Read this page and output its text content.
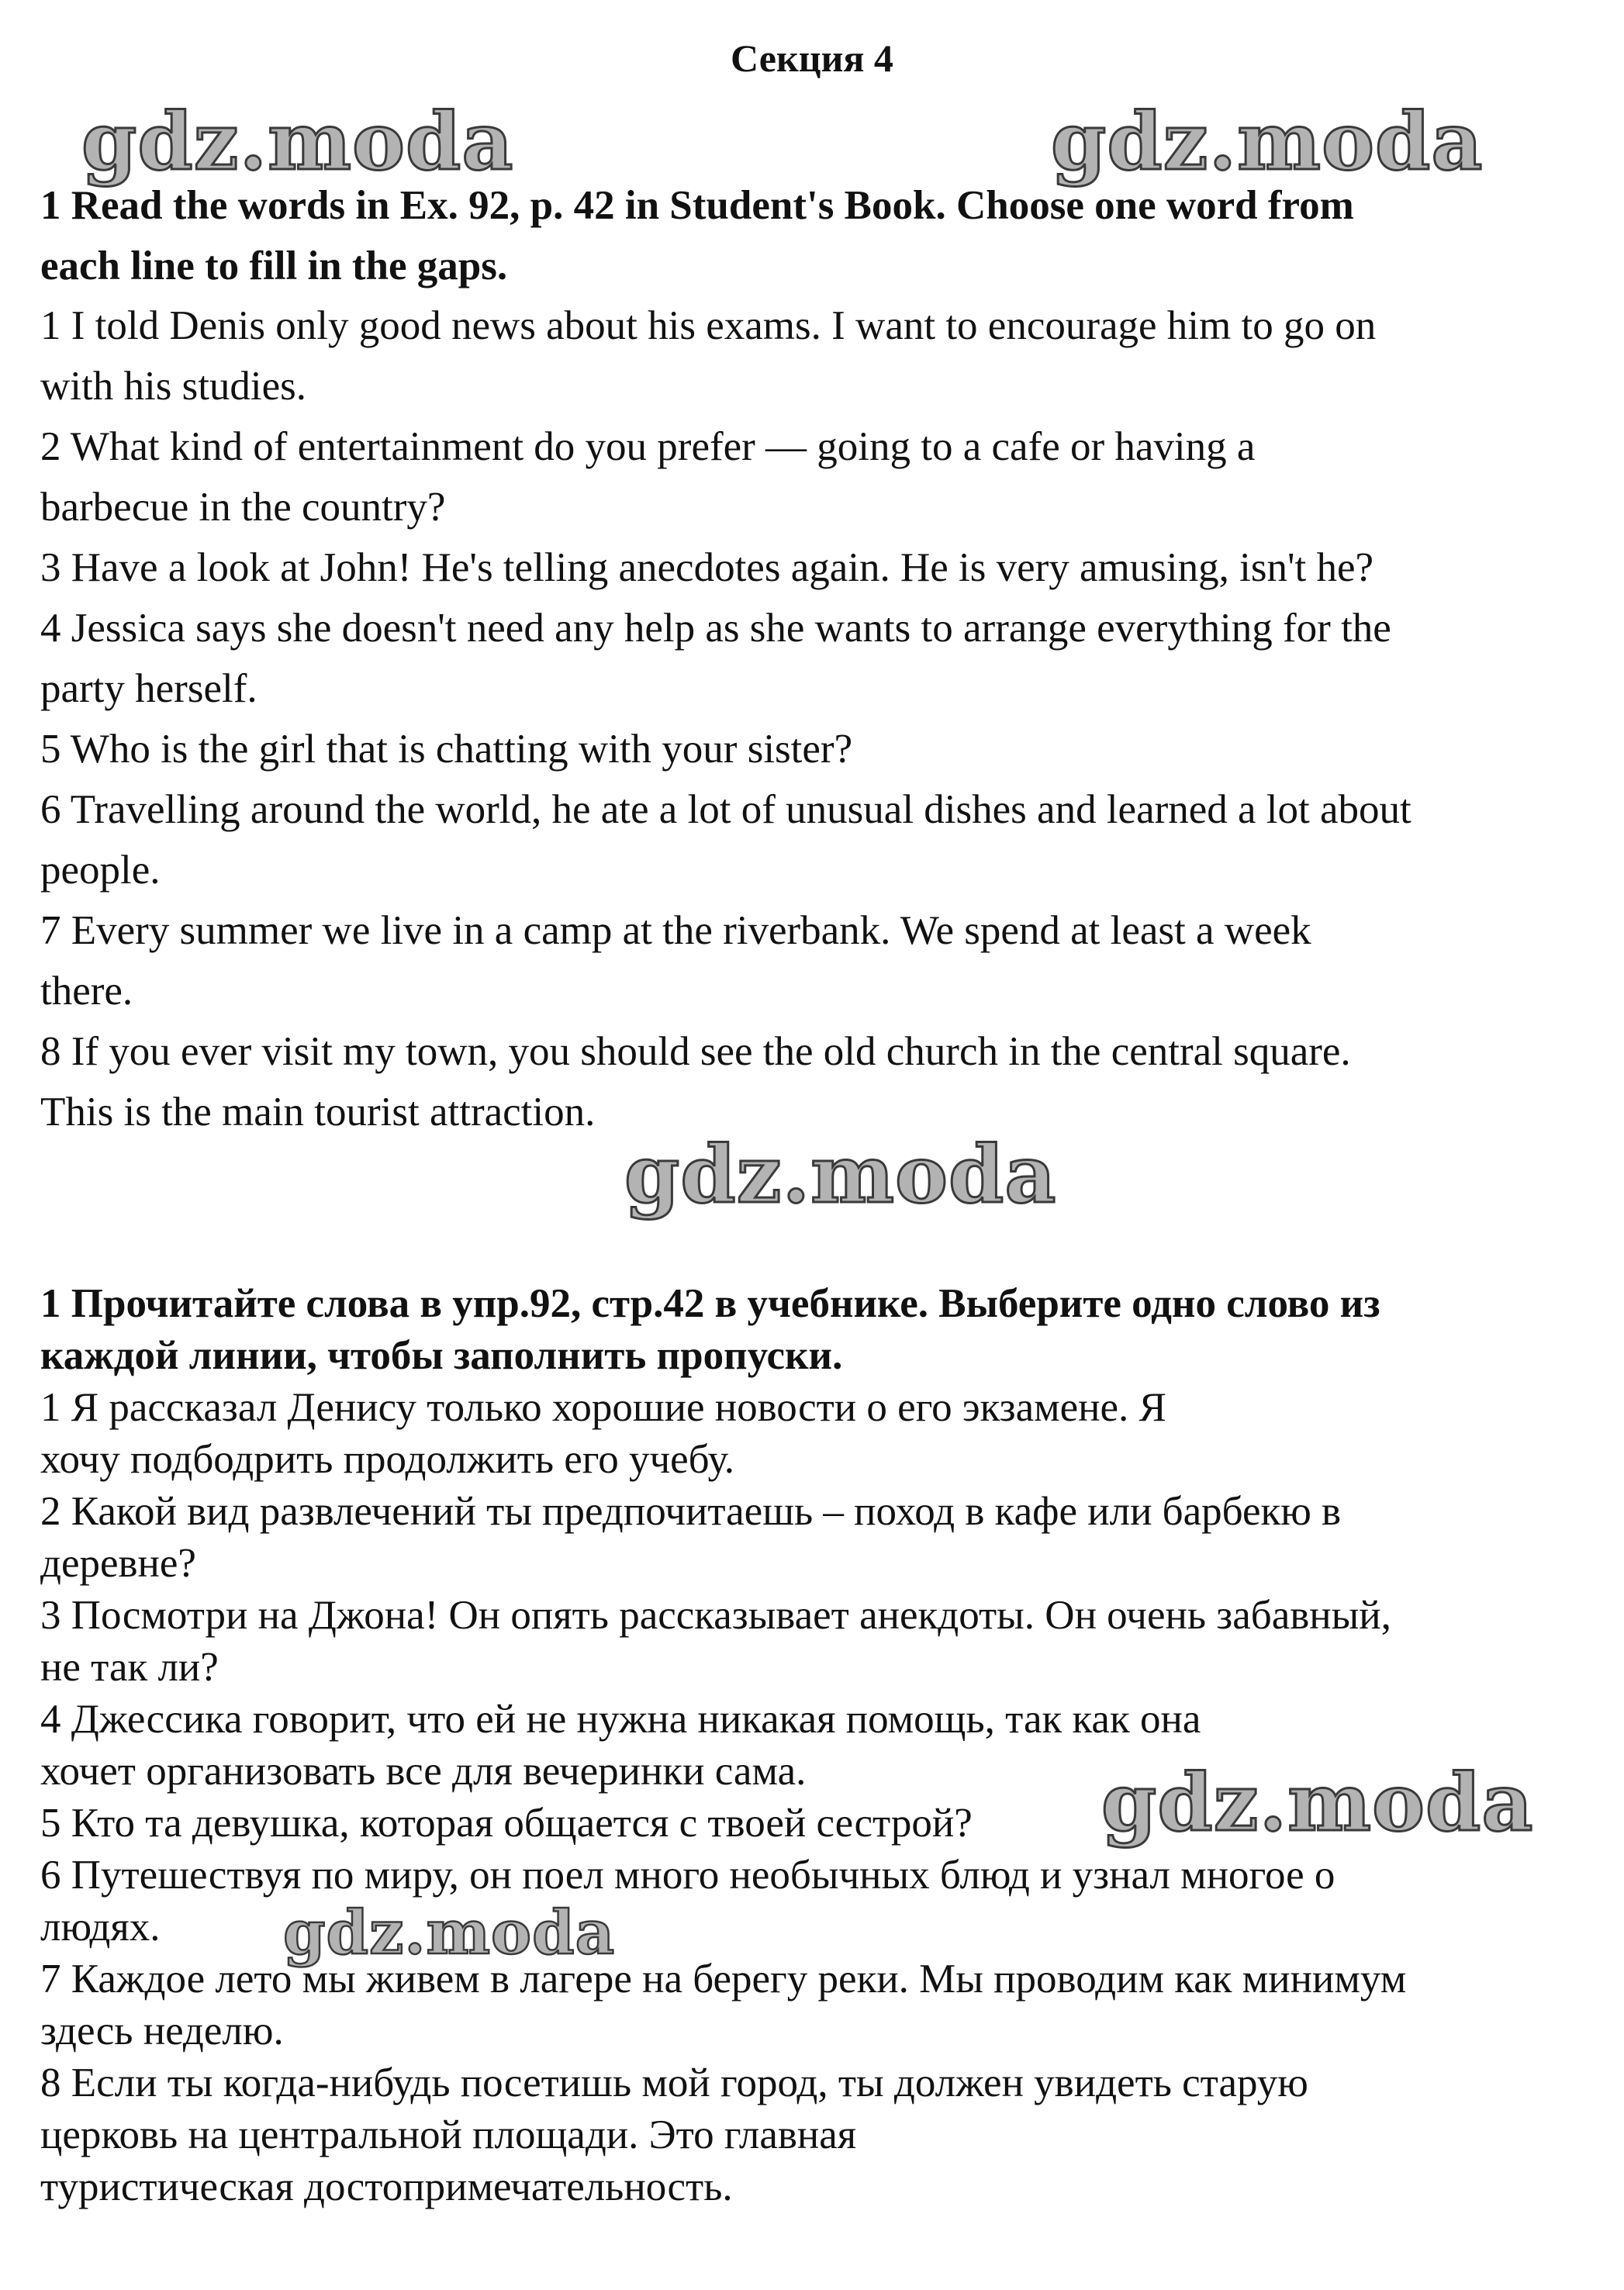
Секция 4
gdz.moda	gdz.moda
gdz.moda
gdz.moda
gdz.moda
1 Read the words in Ex. 92, p. 42 in Student's Book. Choose one word from
each line to fill in the gaps.
1 I told Denis only good news about his exams. I want to encourage him to go on
with his studies.
2 What kind of entertainment do you prefer — going to a cafe or having a
barbecue in the country?
3 Have a look at John! He's telling anecdotes again. He is very amusing, isn't he?
4 Jessica says she doesn't need any help as she wants to arrange everything for the
party herself.
5 Who is the girl that is chatting with your sister?
6 Travelling around the world, he ate a lot of unusual dishes and learned a lot about
people.
7 Every summer we live in a camp at the riverbank. We spend at least a week
there.
8 If you ever visit my town, you should see the old church in the central square.
This is the main tourist attraction.
1 Прочитайте слова в упр.92, стр.42 в учебнике. Выберите одно слово из
каждой линии, чтобы заполнить пропуски.
1 Я рассказал Денису только хорошие новости о его экзамене. Я
хочу подбодрить продолжить его учебу.
2 Какой вид развлечений ты предпочитаешь – поход в кафе или барбекю в
деревне?
3 Посмотри на Джона! Он опять рассказывает анекдоты. Он очень забавный,
не так ли?
4 Джессика говорит, что ей не нужна никакая помощь, так как она
хочет организовать все для вечеринки сама.
5 Кто та девушка, которая общается с твоей сестрой?
6 Путешествуя по миру, он поел много необычных блюд и узнал многое о
людях.
7 Каждое лето мы живем в лагере на берегу реки. Мы проводим как минимум
здесь неделю.
8 Если ты когда-нибудь посетишь мой город, ты должен увидеть старую
церковь на центральной площади. Это главная
туристическая достопримечательность.
